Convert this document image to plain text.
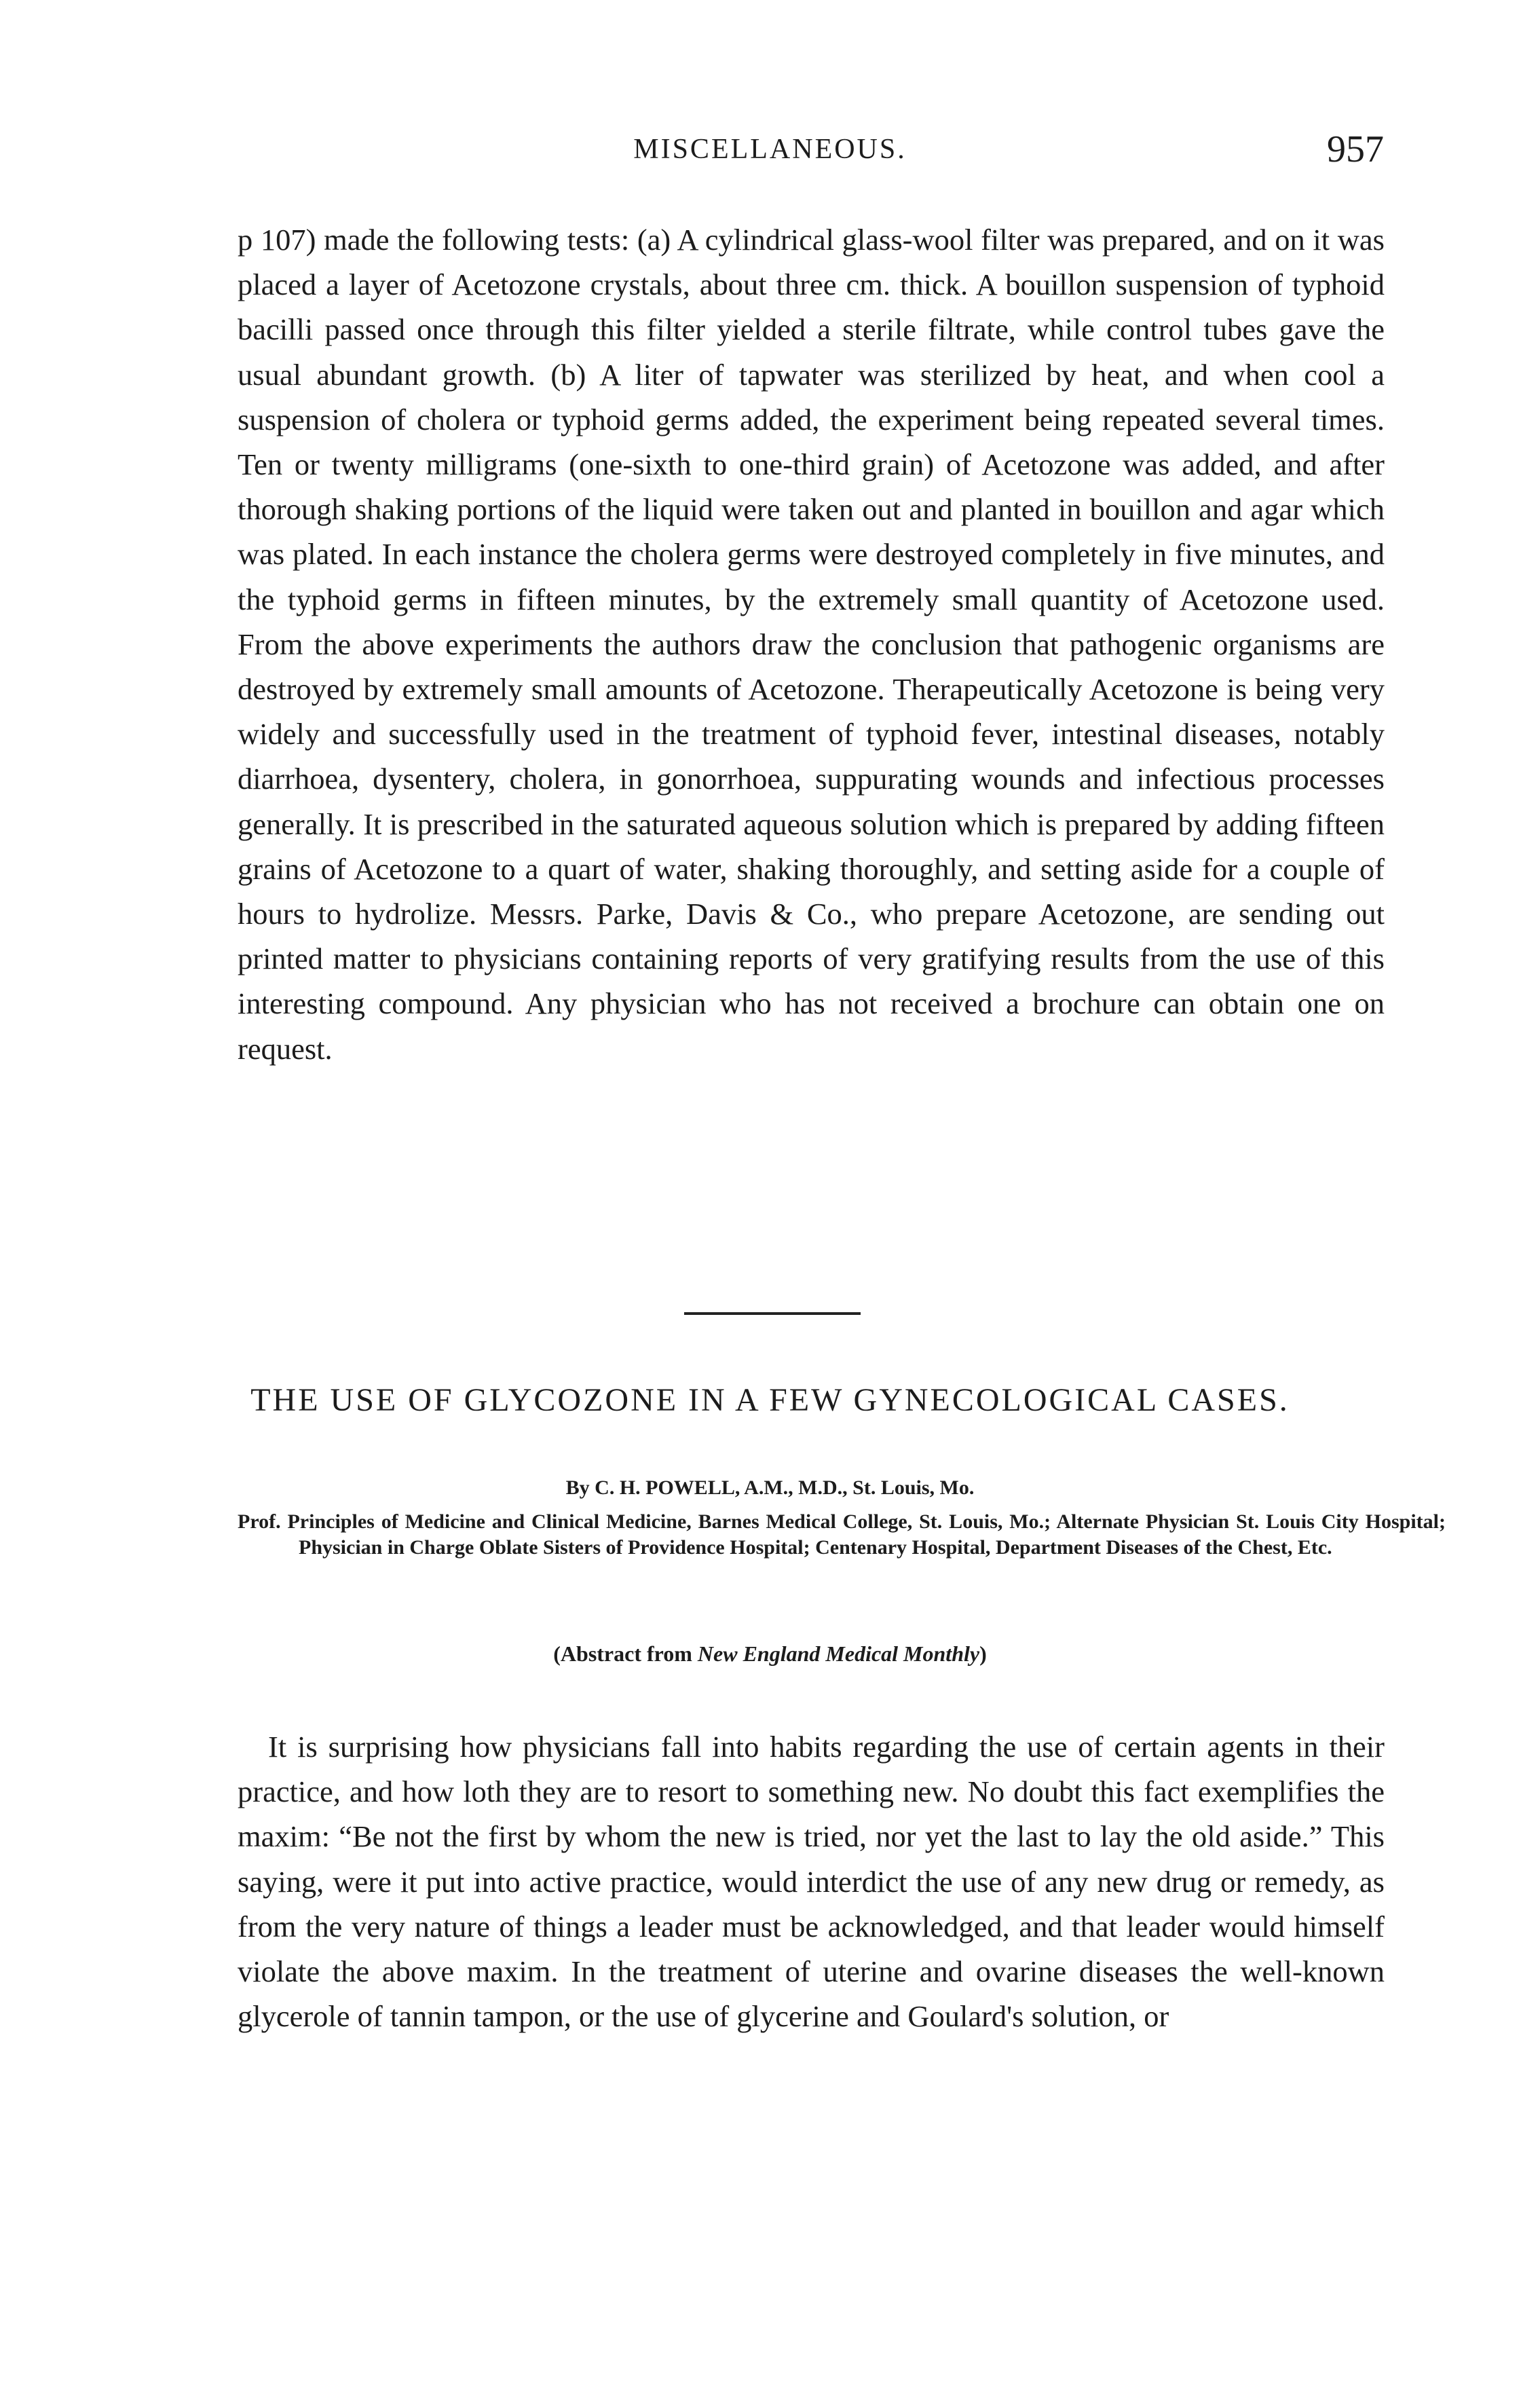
MISCELLANEOUS.	957

p 107) made the following tests: (a) A cylindrical glass-wool filter was prepared, and on it was placed a layer of Acetozone crystals, about three cm. thick. A bouillon suspension of typhoid bacilli passed once through this filter yielded a sterile filtrate, while control tubes gave the usual abundant growth. (b) A liter of tapwater was sterilized by heat, and when cool a suspension of cholera or typhoid germs added, the experiment being repeated several times. Ten or twenty milligrams (one-sixth to one-third grain) of Acetozone was added, and after thorough shaking portions of the liquid were taken out and planted in bouillon and agar which was plated. In each instance the cholera germs were destroyed completely in five minutes, and the typhoid germs in fifteen minutes, by the extremely small quantity of Acetozone used. From the above experiments the authors draw the conclusion that pathogenic organisms are destroyed by extremely small amounts of Acetozone. Therapeutically Acetozone is being very widely and successfully used in the treatment of typhoid fever, intestinal diseases, notably diarrhoea, dysentery, cholera, in gonorrhoea, suppurating wounds and infectious processes generally. It is prescribed in the saturated aqueous solution which is prepared by adding fifteen grains of Acetozone to a quart of water, shaking thoroughly, and setting aside for a couple of hours to hydrolize. Messrs. Parke, Davis & Co., who prepare Acetozone, are sending out printed matter to physicians containing reports of very gratifying results from the use of this interesting compound. Any physician who has not received a brochure can obtain one on request.

THE USE OF GLYCOZONE IN A FEW GYNECOLOGICAL CASES.

By C. H. POWELL, A.M., M.D., St. Louis, Mo.

Prof. Principles of Medicine and Clinical Medicine, Barnes Medical College, St. Louis, Mo.; Alternate Physician St. Louis City Hospital; Physician in Charge Oblate Sisters of Providence Hospital; Centenary Hospital, Department Diseases of the Chest, Etc.

(Abstract from New England Medical Monthly)

It is surprising how physicians fall into habits regarding the use of certain agents in their practice, and how loth they are to resort to something new. No doubt this fact exemplifies the maxim: “Be not the first by whom the new is tried, nor yet the last to lay the old aside.” This saying, were it put into active practice, would interdict the use of any new drug or remedy, as from the very nature of things a leader must be acknowledged, and that leader would himself violate the above maxim. In the treatment of uterine and ovarine diseases the well-known glycerole of tannin tampon, or the use of glycerine and Goulard's solution, or
